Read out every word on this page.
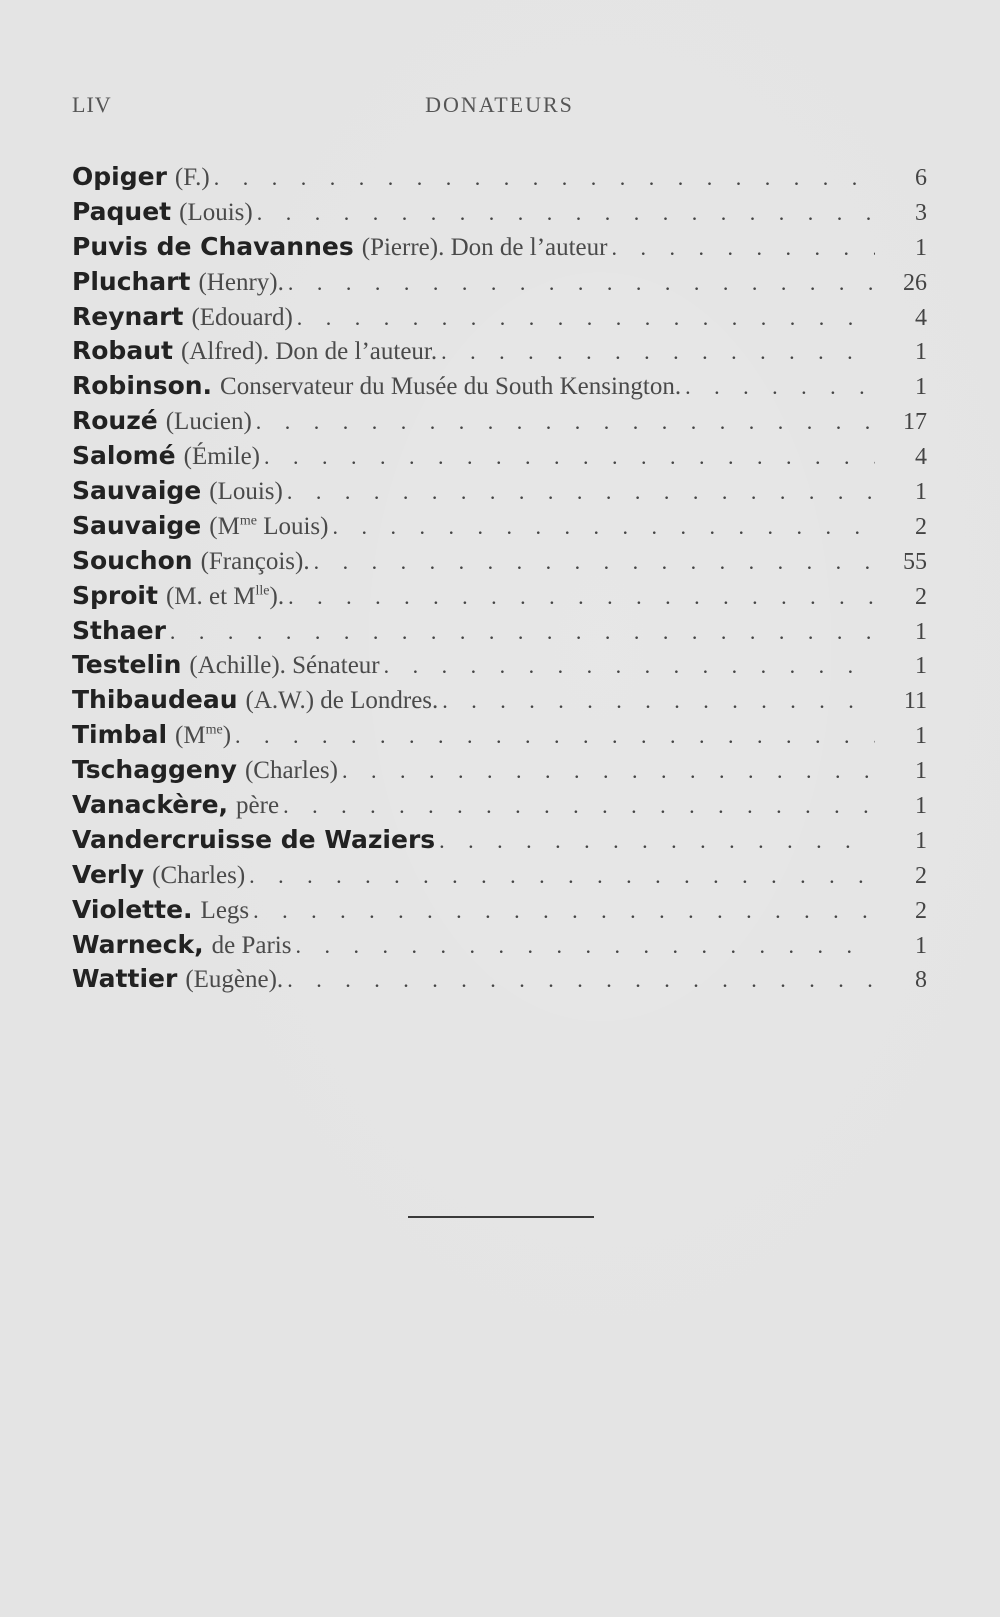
LIV	DONATEURS
Opiger (F.) . . .	6
Paquet (Louis) . . .	3
Puvis de Chavannes (Pierre). Don de l’auteur . . .	1
Pluchart (Henry). . . .	26
Reynart (Edouard) . . .	4
Robaut (Alfred). Don de l’auteur. . . .	1
Robinson. Conservateur du Musée du South Kensington. . . .	1
Rouzé (Lucien) . . .	17
Salomé (Émile) . . .	4
Sauvaige (Louis) . . .	1
Sauvaige ($M^{me}$ Louis) . . .	2
Souchon (François). . . .	55
Sproit (M. et $M^{lle}$). . . .	2
Sthaer . . .	1
Testelin (Achille). Sénateur . . .	1
Thibaudeau (A.W.) de Londres. . . .	11
Timbal $(M^{me})$ . . .	1
Tschaggeny (Charles) . . .	1
Vanackère, père . . .	1
Vandercruisse de Waziers . . .	1
Verly (Charles) . . .	2
Violette. Legs . . .	2
Warneck, de Paris . . .	1
Wattier (Eugène). . . .	8
